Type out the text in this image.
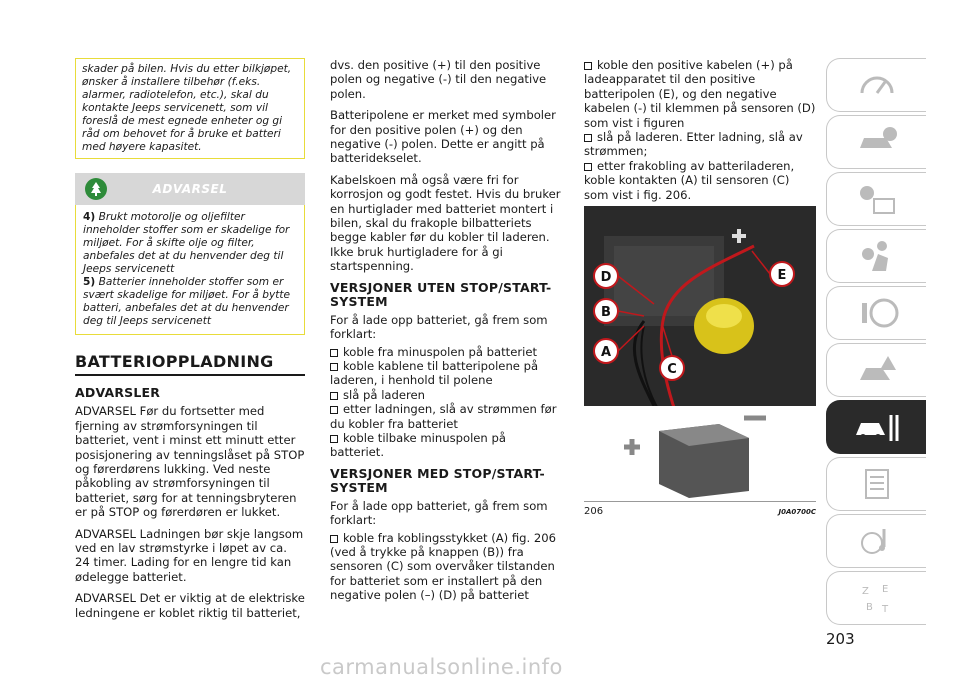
skader på bilen. Hvis du etter bilkjøpet, ønsker å installere tilbehør (f.eks. alarmer, radiotelefon, etc.), skal du kontakte Jeeps servicenett, som vil foreslå de mest egnede enheter og gi råd om behovet for å bruke et batteri med høyere kapasitet.
ADVARSEL
4) Brukt motorolje og oljefilter inneholder stoffer som er skadelige for miljøet. For å skifte olje og filter, anbefales det at du henvender deg til Jeeps servicenett
5) Batterier inneholder stoffer som er svært skadelige for miljøet. For å bytte batteri, anbefales det at du henvender deg til Jeeps servicenett
BATTERIOPPLADNING
ADVARSLER

ADVARSEL Før du fortsetter med fjerning av strømforsyningen til batteriet, vent i minst ett minutt etter posisjonering av tenningslåset på STOP og førerdørens lukking. Ved neste påkobling av strømforsyningen til batteriet, sørg for at tenningsbryteren er på STOP og førerdøren er lukket.

ADVARSEL Ladningen bør skje langsom ved en lav strømstyrke i løpet av ca. 24 timer. Lading for en lengre tid kan ødelegge batteriet.

ADVARSEL Det er viktig at de elektriske ledningene er koblet riktig til batteriet,

dvs. den positive (+) til den positive polen og negative (-) til den negative polen.

Batteripolene er merket med symboler for den positive polen (+) og den negative (-) polen. Dette er angitt på batteridekselet.

Kabelskoen må også være fri for korrosjon og godt festet. Hvis du bruker en hurtiglader med batteriet montert i bilen, skal du frakople bilbatteriets begge kabler før du kobler til laderen. Ikke bruk hurtigladere for å gi startspenning.

VERSJONER UTEN STOP/START-SYSTEM

For å lade opp batteriet, gå frem som forklart:

koble fra minuspolen på batteriet
koble kablene til batteripolene på laderen, i henhold til polene
slå på laderen
etter ladningen, slå av strømmen før du kobler fra batteriet
koble tilbake minuspolen på batteriet.
VERSJONER MED STOP/START-SYSTEM

For å lade opp batteriet, gå frem som forklart:

koble fra koblingsstykket (A) fig. 206 (ved å trykke på knappen (B)) fra sensoren (C) som overvåker tilstanden for batteriet som er installert på den negative polen (–) (D) på batteriet
koble den positive kabelen (+) på ladeapparatet til den positive batteripolen (E), og den negative kabelen (-) til klemmen på sensoren (D) som vist i figuren
slå på laderen. Etter ladning, slå av strømmen;
etter frakobling av batteriladeren, koble kontakten (A) til sensoren (C) som vist i fig. 206.
D	E
B
A
C
206	J0A0700C
Z E
B T
203
carmanualsonline.info
